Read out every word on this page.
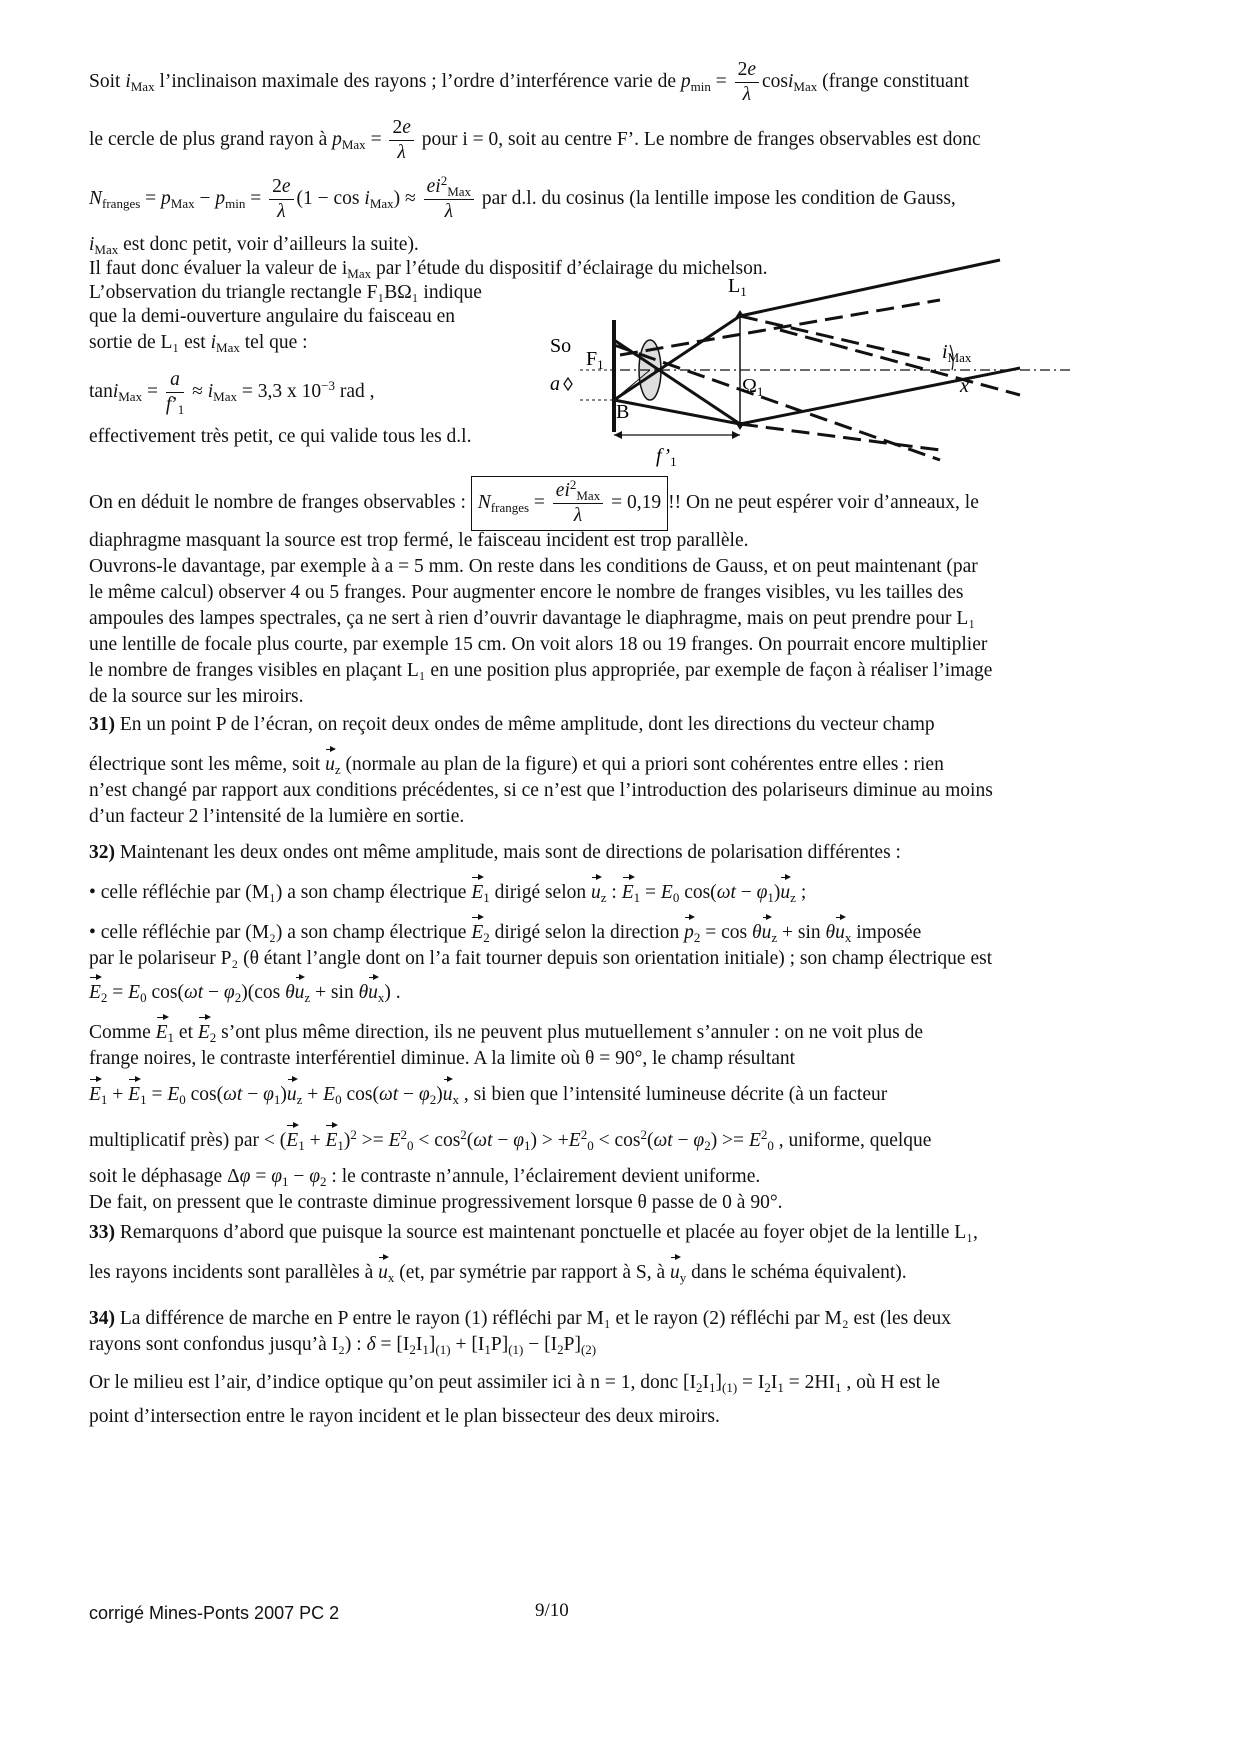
Soit $i_{Max}$ l’inclinaison maximale des rayons ; l’ordre d’interférence varie de $p_{min} = \frac{2e}{\lambda} \cos i_{Max}$ (frange constituant
le cercle de plus grand rayon à $p_{Max} = \frac{2e}{\lambda}$ pour i = 0, soit au centre F’. Le nombre de franges observables est donc
$N_{franges} = p_{Max} - p_{min} = \frac{2e}{\lambda} (1 - \cos i_{Max}) \approx \frac{ei^2_{Max}}{\lambda}$ par d.l. du cosinus (la lentille impose les condition de Gauss,
$i_{Max}$ est donc petit, voir d’ailleurs la suite).
Il faut donc évaluer la valeur de $i_{Max}$ par l’étude du dispositif d’éclairage du michelson.
L’observation du triangle rectangle F₁BΩ₁ indique
que la demi-ouverture angulaire du faisceau en
sortie de L₁ est $i_{Max}$ tel que :
$\tan i_{Max} = \frac{a}{f’_1} \approx i_{Max} = 3,3$ x $10^{-3}$ rad ,
effectivement très petit, ce qui valide tous les d.l.
$L_1$
So
$F_1$
a
B
$\Omega_1$
$i_{Max}$
x
$f’_1$
On en déduit le nombre de franges observables : $N_{franges} = \frac{ei^2_{Max}}{\lambda} = 0,19$ !! On ne peut espérer voir d’anneaux, le
diaphragme masquant la source est trop fermé, le faisceau incident est trop parallèle.
Ouvrons-le davantage, par exemple à a = 5 mm. On reste dans les conditions de Gauss, et on peut maintenant (par
le même calcul) observer 4 ou 5 franges. Pour augmenter encore le nombre de franges visibles, vu les tailles des
ampoules des lampes spectrales, ça ne sert à rien d’ouvrir davantage le diaphragme, mais on peut prendre pour L₁
une lentille de focale plus courte, par exemple 15 cm. On voit alors 18 ou 19 franges. On pourrait encore multiplier
le nombre de franges visibles en plaçant L₁ en une position plus appropriée, par exemple de façon à réaliser l’image
de la source sur les miroirs.
31) En un point P de l’écran, on reçoit deux ondes de même amplitude, dont les directions du vecteur champ
électrique sont les même, soit $u_z$ (normale au plan de la figure) et qui a priori sont cohérentes entre elles : rien
n’est changé par rapport aux conditions précédentes, si ce n’est que l’introduction des polariseurs diminue au moins
d’un facteur 2 l’intensité de la lumière en sortie.
32) Maintenant les deux ondes ont même amplitude, mais sont de directions de polarisation différentes :
• celle réfléchie par (M₁) a son champ électrique $E_1$ dirigé selon $u_z$ : $E_1 = E_0$ $\cos(\omega t - \varphi_1)u_z$ ;
• celle réfléchie par (M₂) a son champ électrique $E_2$ dirigé selon la direction $p_2 = \cos \theta u_z + \sin \theta u_x$ imposée
par le polariseur P₂ (θ étant l’angle dont on l’a fait tourner depuis son orientation initiale) ; son champ électrique est
$E_2 = E_0$ $\cos(\omega t - \varphi_2)(\cos$ $\theta u_z + \sin \theta u_x$) .
Comme $E_1$ et $E_2$ s’ont plus même direction, ils ne peuvent plus mutuellement s’annuler : on ne voit plus de
frange noires, le contraste interférentiel diminue. A la limite où θ = 90°, le champ résultant
$E_1 + E_1 = E_0$ $\cos(\omega t - \varphi_1)u_z + E_0$ $\cos(\omega t - \varphi_2)u_x$ , si bien que l’intensité lumineuse décrite (à un facteur
multiplicatif près) par < $(E_1 + E_1)^2 >= E^2_0 < \cos^2(\omega t - \varphi_1) > +E^2_0 < \cos^2(\omega t - \varphi_2) >= E^2_0$ , uniforme, quelque
soit le déphasage $\Delta\varphi = \varphi_1 - \varphi_2$ : le contraste n’annule, l’éclairement devient uniforme.
De fait, on pressent que le contraste diminue progressivement lorsque θ passe de 0 à 90°.
33) Remarquons d’abord que puisque la source est maintenant ponctuelle et placée au foyer objet de la lentille L₁,
les rayons incidents sont parallèles à $u_x$ (et, par symétrie par rapport à S, à $u_y$ dans le schéma équivalent).
34) La différence de marche en P entre le rayon (1) réfléchi par M₁ et le rayon (2) réfléchi par M₂ est (les deux
rayons sont confondus jusqu’à I₂) : $\delta = [I_2I_1]_{(1)} + [I_1P]_{(1)} - [I_2P]_{(2)}$
Or le milieu est l’air, d’indice optique qu’on peut assimiler ici à n = 1, donc $[I_2I_1]_{(1)} = I_2I_1 = 2HI_1$ , où H est le
point d’intersection entre le rayon incident et le plan bissecteur des deux miroirs.
corrigé Mines-Ponts 2007 PC 2	9/10
